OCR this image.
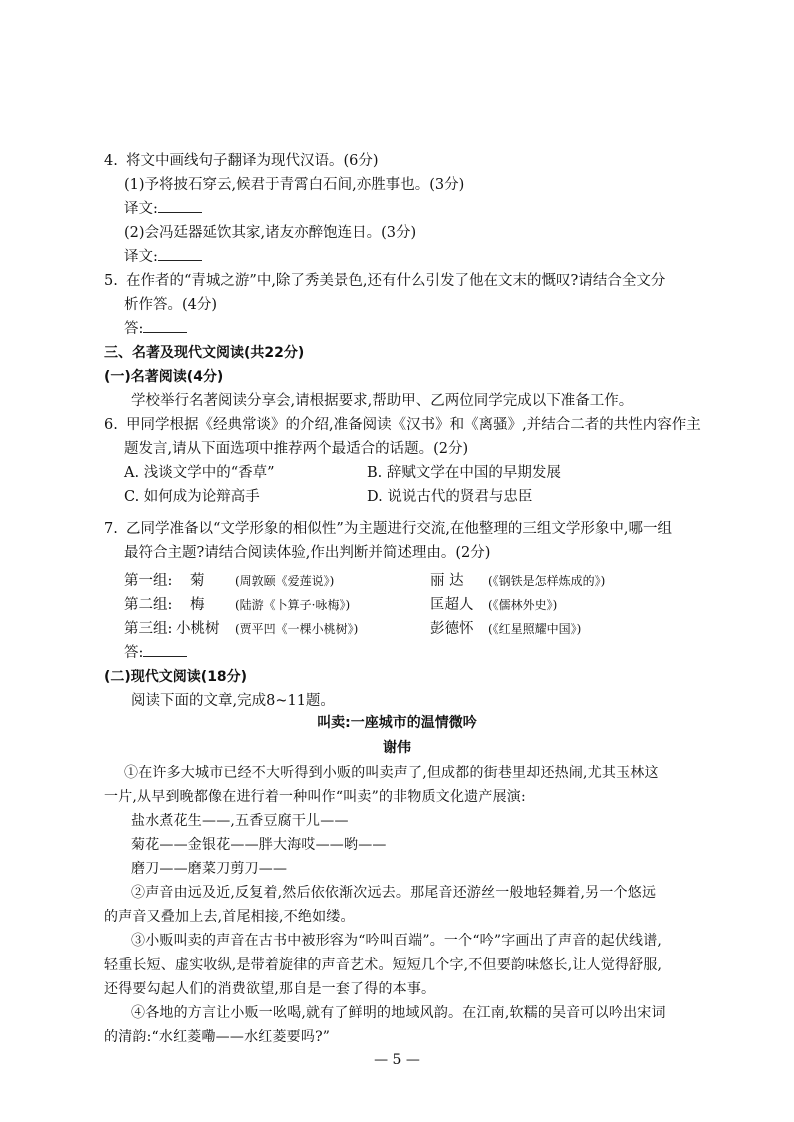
4. 将文中画线句子翻译为现代汉语。(6分)
(1)予将披石穿云,候君于青霄白石间,亦胜事也。(3分)
译文:
(2)会冯廷器延饮其家,诸友亦醉饱连日。(3分)
译文:
5. 在作者的“青城之游”中,除了秀美景色,还有什么引发了他在文末的慨叹?请结合全文分
析作答。(4分)
答:
三、名著及现代文阅读(共22分)
(一)名著阅读(4分)
学校举行名著阅读分享会,请根据要求,帮助甲、乙两位同学完成以下准备工作。
6. 甲同学根据《经典常谈》的介绍,准备阅读《汉书》和《离骚》,并结合二者的共性内容作主
题发言,请从下面选项中推荐两个最适合的话题。(2分)
A. 浅谈文学中的“香草”	B. 辞赋文学在中国的早期发展
C. 如何成为论辩高手	D. 说说古代的贤君与忠臣
7. 乙同学准备以“文学形象的相似性”为主题进行交流,在他整理的三组文学形象中,哪一组
最符合主题?请结合阅读体验,作出判断并简述理由。(2分)
第一组: 菊	(周敦颐《爱莲说》)	丽 达 (《钢铁是怎样炼成的》)
第二组: 梅	(陆游《卜算子·咏梅》)	匡超人 (《儒林外史》)
第三组: 小桃树 (贾平凹《一棵小桃树》)	彭德怀 (《红星照耀中国》)
答:
(二)现代文阅读(18分)
阅读下面的文章,完成8~11题。
叫卖:一座城市的温情微吟
谢伟
①在许多大城市已经不大听得到小贩的叫卖声了,但成都的街巷里却还热闹,尤其玉林这
一片,从早到晚都像在进行着一种叫作“叫卖”的非物质文化遗产展演:
盐水煮花生——,五香豆腐干儿——
菊花——金银花——胖大海哎——哟——
磨刀——磨菜刀剪刀——
②声音由远及近,反复着,然后依依渐次远去。那尾音还游丝一般地轻舞着,另一个悠远
的声音又叠加上去,首尾相接,不绝如缕。
③小贩叫卖的声音在古书中被形容为“吟叫百端”。一个“吟”字画出了声音的起伏线谱,
轻重长短、虚实收纵,是带着旋律的声音艺术。短短几个字,不但要韵味悠长,让人觉得舒服,
还得要勾起人们的消费欲望,那自是一套了得的本事。
④各地的方言让小贩一吆喝,就有了鲜明的地域风韵。在江南,软糯的吴音可以吟出宋词
的清韵:“水红菱嘞——水红菱要吗?”
— 5 —
